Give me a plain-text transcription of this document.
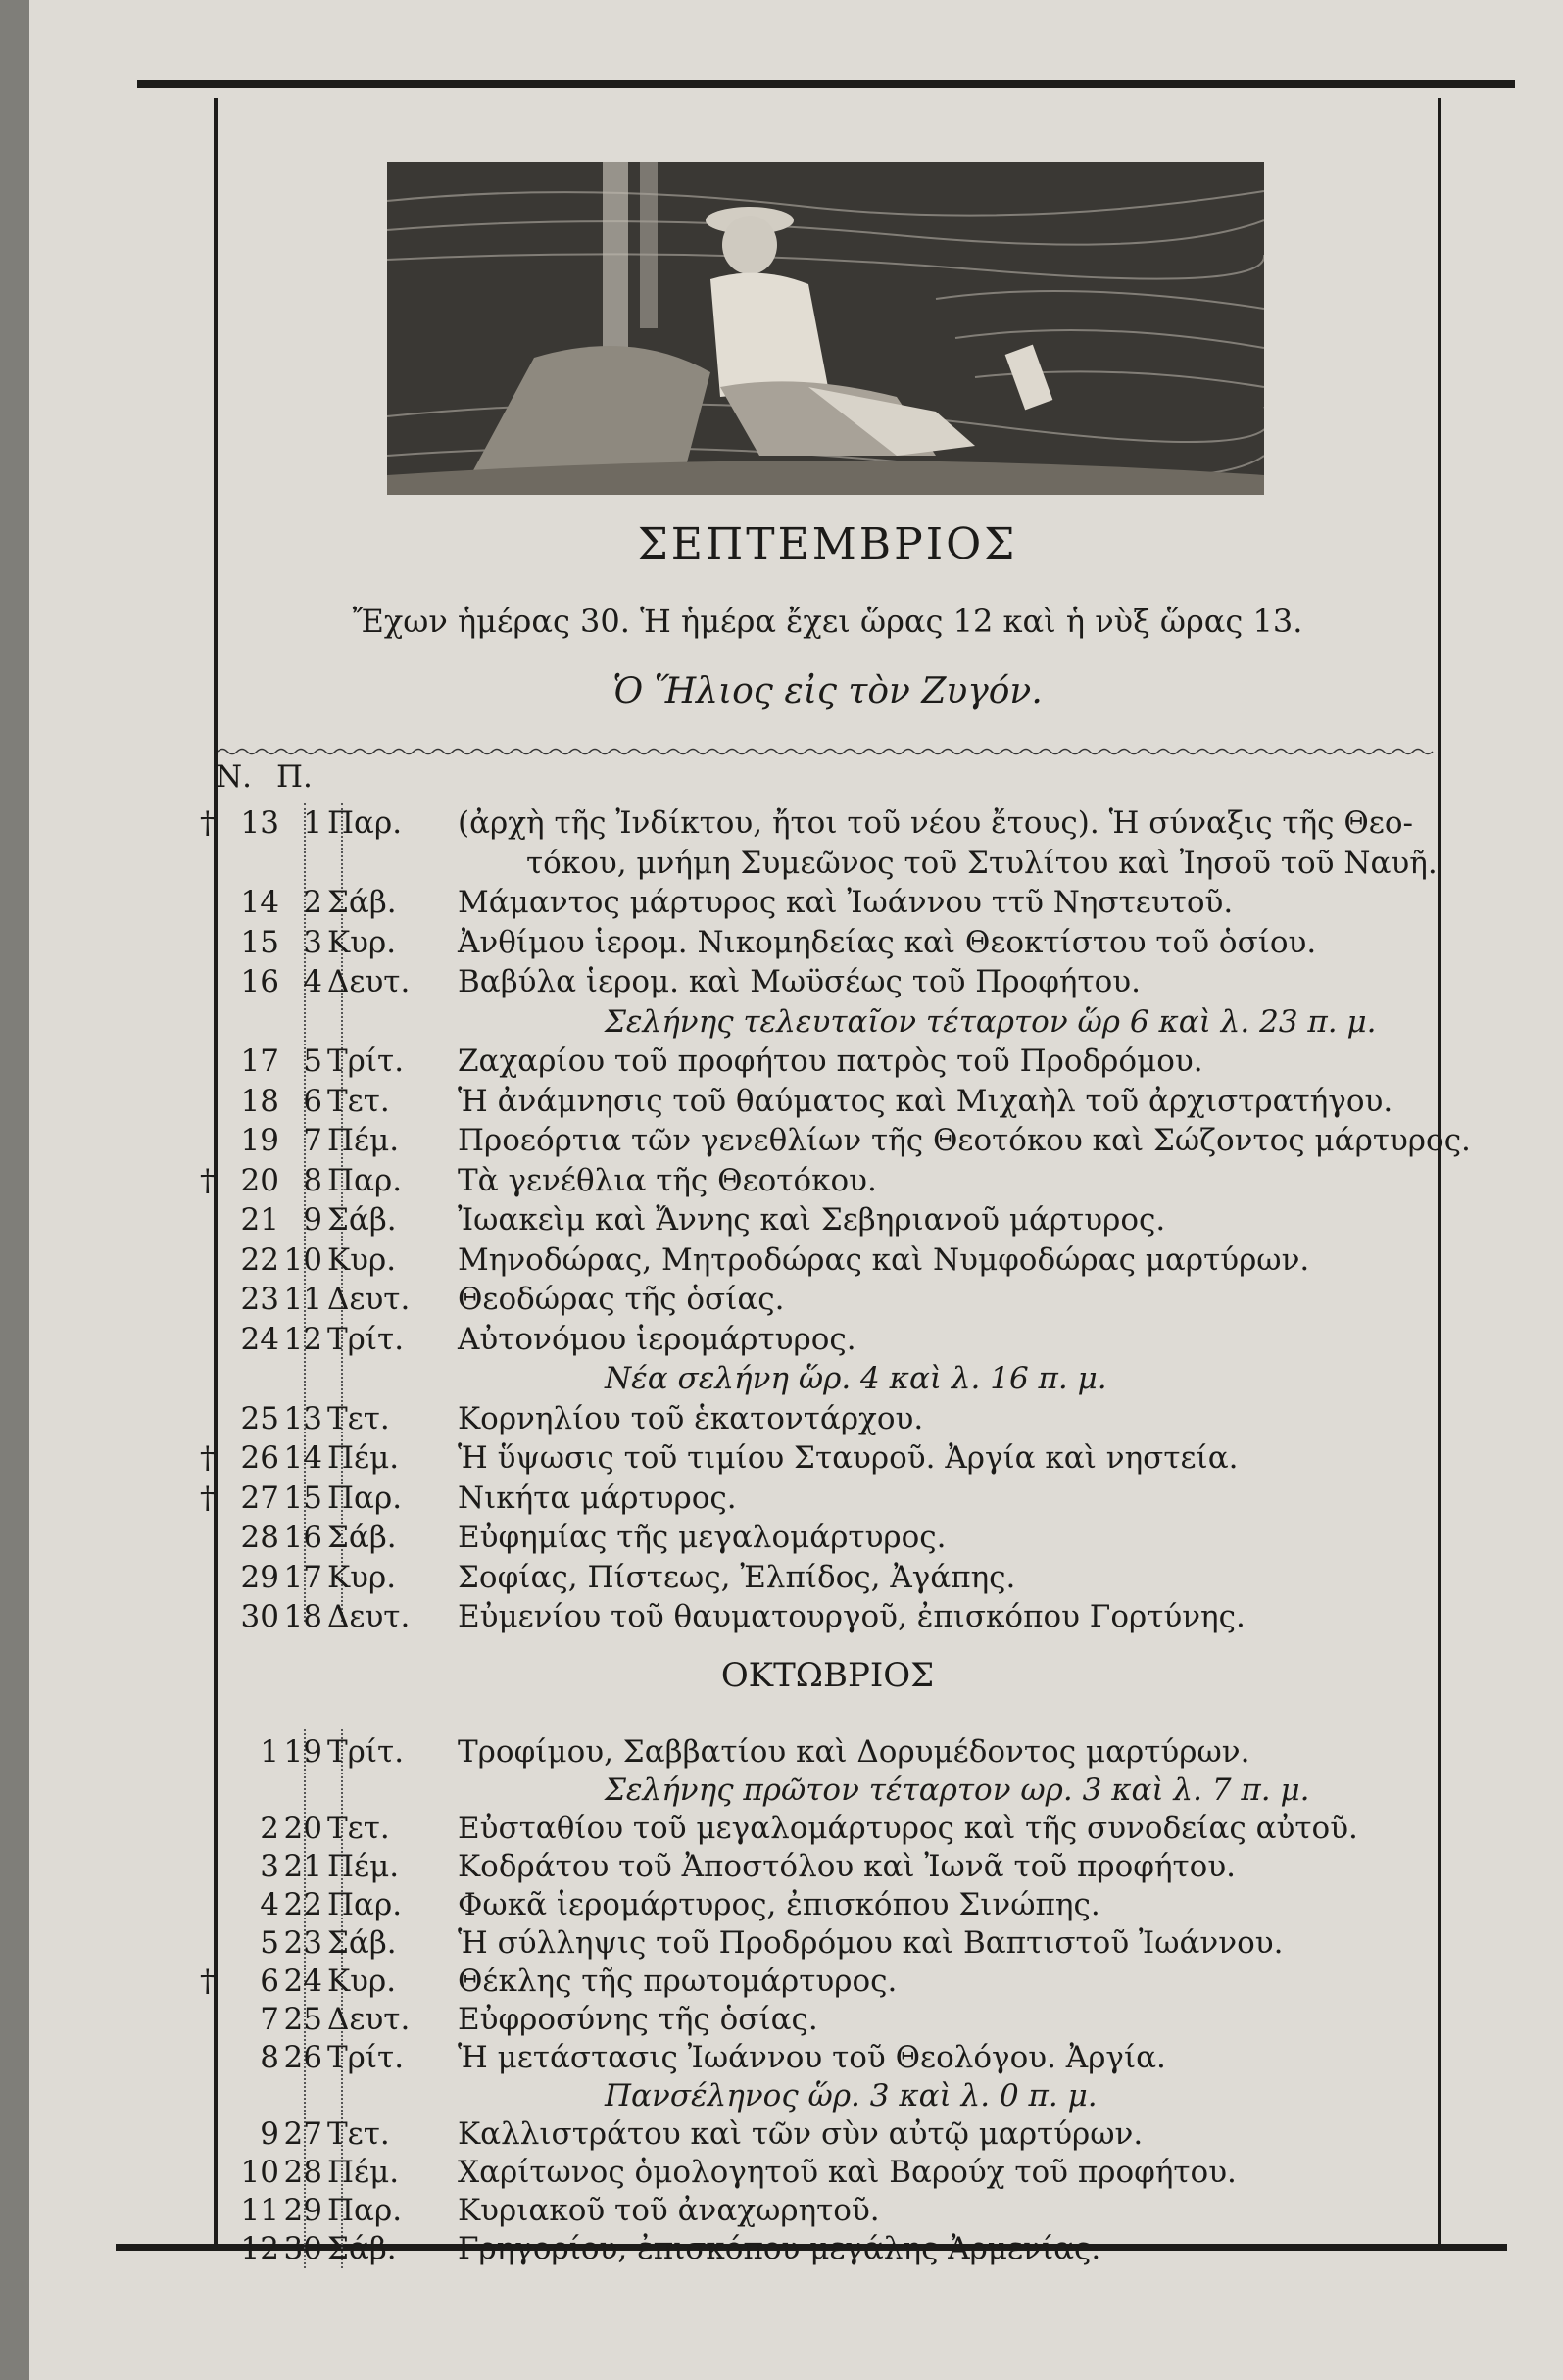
ΣΕΠΤΕΜΒΡΙΟΣ
Ἔχων ἡμέρας 30. Ἡ ἡμέρα ἔχει ὥρας 12 καὶ ἡ νὺξ ὥρας 13.
Ὁ Ἥλιος εἰς τὸν Ζυγόν.
Ν. Π.
† 13 1 Παρ. (ἀρχὴ τῆς Ἰνδίκτου, ἤτοι τοῦ νέου ἔτους). Ἡ σύναξις τῆς Θεο-
τόκου, μνήμη Συμεῶνος τοῦ Στυλίτου καὶ Ἰησοῦ τοῦ Ναυῆ.
14 2 Σάβ. Μάμαντος μάρτυρος καὶ Ἰωάννου ττῦ Νηστευτοῦ.
15 3 Κυρ. Ἀνθίμου ἱερομ. Νικομηδείας καὶ Θεοκτίστου τοῦ ὁσίου.
16 4 Δευτ. Βαβύλα ἱερομ. καὶ Μωϋσέως τοῦ Προφήτου.
Σελήνης τελευταῖον τέταρτον ὥρ 6 καὶ λ. 23 π. μ.
17 5 Τρίτ. Ζαχαρίου τοῦ προφήτου πατρὸς τοῦ Προδρόμου.
18 6 Τετ. Ἡ ἀνάμνησις τοῦ θαύματος καὶ Μιχαὴλ τοῦ ἀρχιστρατήγου.
19 7 Πέμ. Προεόρτια τῶν γενεθλίων τῆς Θεοτόκου καὶ Σώζοντος μάρτυρος.
† 20 8 Παρ. Τὰ γενέθλια τῆς Θεοτόκου.
21 9 Σάβ. Ἰωακεὶμ καὶ Ἄννης καὶ Σεβηριανοῦ μάρτυρος.
22 10 Κυρ. Μηνοδώρας, Μητροδώρας καὶ Νυμφοδώρας μαρτύρων.
23 11 Δευτ. Θεοδώρας τῆς ὁσίας.
24 12 Τρίτ. Αὐτονόμου ἱερομάρτυρος.
Νέα σελήνη ὥρ. 4 καὶ λ. 16 π. μ.
25 13 Τετ. Κορνηλίου τοῦ ἑκατοντάρχου.
† 26 14 Πέμ. Ἡ ὕψωσις τοῦ τιμίου Σταυροῦ. Ἀργία καὶ νηστεία.
† 27 15 Παρ. Νικήτα μάρτυρος.
28 16 Σάβ. Εὐφημίας τῆς μεγαλομάρτυρος.
29 17 Κυρ. Σοφίας, Πίστεως, Ἐλπίδος, Ἀγάπης.
30 18 Δευτ. Εὐμενίου τοῦ θαυματουργοῦ, ἐπισκόπου Γορτύνης.
ΟΚΤΩΒΡΙΟΣ
1 19 Τρίτ. Τροφίμου, Σαββατίου καὶ Δορυμέδοντος μαρτύρων.
Σελήνης πρῶτον τέταρτον ωρ. 3 καὶ λ. 7 π. μ.
2 20 Τετ. Εὐσταθίου τοῦ μεγαλομάρτυρος καὶ τῆς συνοδείας αὐτοῦ.
3 21 Πέμ. Κοδράτου τοῦ Ἀποστόλου καὶ Ἰωνᾶ τοῦ προφήτου.
4 22 Παρ. Φωκᾶ ἱερομάρτυρος, ἐπισκόπου Σινώπης.
5 23 Σάβ. Ἡ σύλληψις τοῦ Προδρόμου καὶ Βαπτιστοῦ Ἰωάννου.
† 6 24 Κυρ. Θέκλης τῆς πρωτομάρτυρος.
7 25 Δευτ. Εὐφροσύνης τῆς ὁσίας.
8 26 Τρίτ. Ἡ μετάστασις Ἰωάννου τοῦ Θεολόγου. Ἀργία.
Πανσέληνος ὥρ. 3 καὶ λ. 0 π. μ.
9 27 Τετ. Καλλιστράτου καὶ τῶν σὺν αὐτῷ μαρτύρων.
10 28 Πέμ. Χαρίτωνος ὁμολογητοῦ καὶ Βαρούχ τοῦ προφήτου.
11 29 Παρ. Κυριακοῦ τοῦ ἀναχωρητοῦ.
12 30 Σάβ. Γρηγορίου, ἐπισκόπου μεγάλης Ἀρμενίας.
